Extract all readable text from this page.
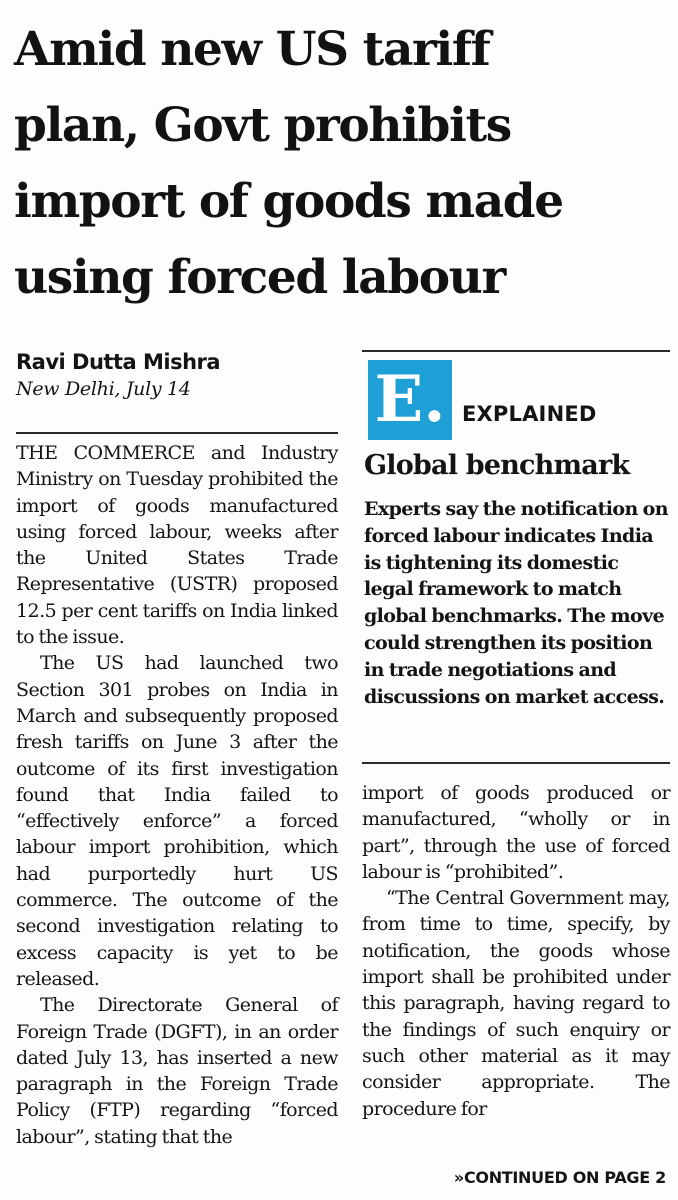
Amid new US tariff
plan, Govt prohibits
import of goods made
using forced labour
Ravi Dutta Mishra
New Delhi, July 14

THE COMMERCE and Industry Ministry on Tuesday prohibited the import of goods manufactured using forced labour, weeks after the United States Trade Representative (USTR) proposed 12.5 per cent tariffs on India linked to the issue.

The US had launched two Section 301 probes on India in March and subsequently proposed fresh tariffs on June 3 after the outcome of its first investigation found that India failed to “effectively enforce” a forced labour import prohibition, which had purportedly hurt US commerce. The outcome of the second investigation relating to excess capacity is yet to be released.

The Directorate General of Foreign Trade (DGFT), in an order dated July 13, has inserted a new paragraph in the Foreign Trade Policy (FTP) regarding “forced labour”, stating that the

E. EXPLAINED
Global benchmark
Experts say the notification on forced labour indicates India is tightening its domestic legal framework to match global benchmarks. The move could strengthen its position in trade negotiations and discussions on market access.

import of goods produced or manufactured, “wholly or in part”, through the use of forced labour is “prohibited”.

“The Central Government may, from time to time, specify, by notification, the goods whose import shall be prohibited under this paragraph, having regard to the findings of such enquiry or such other material as it may consider appropriate. The procedure for

»CONTINUED ON PAGE 2
